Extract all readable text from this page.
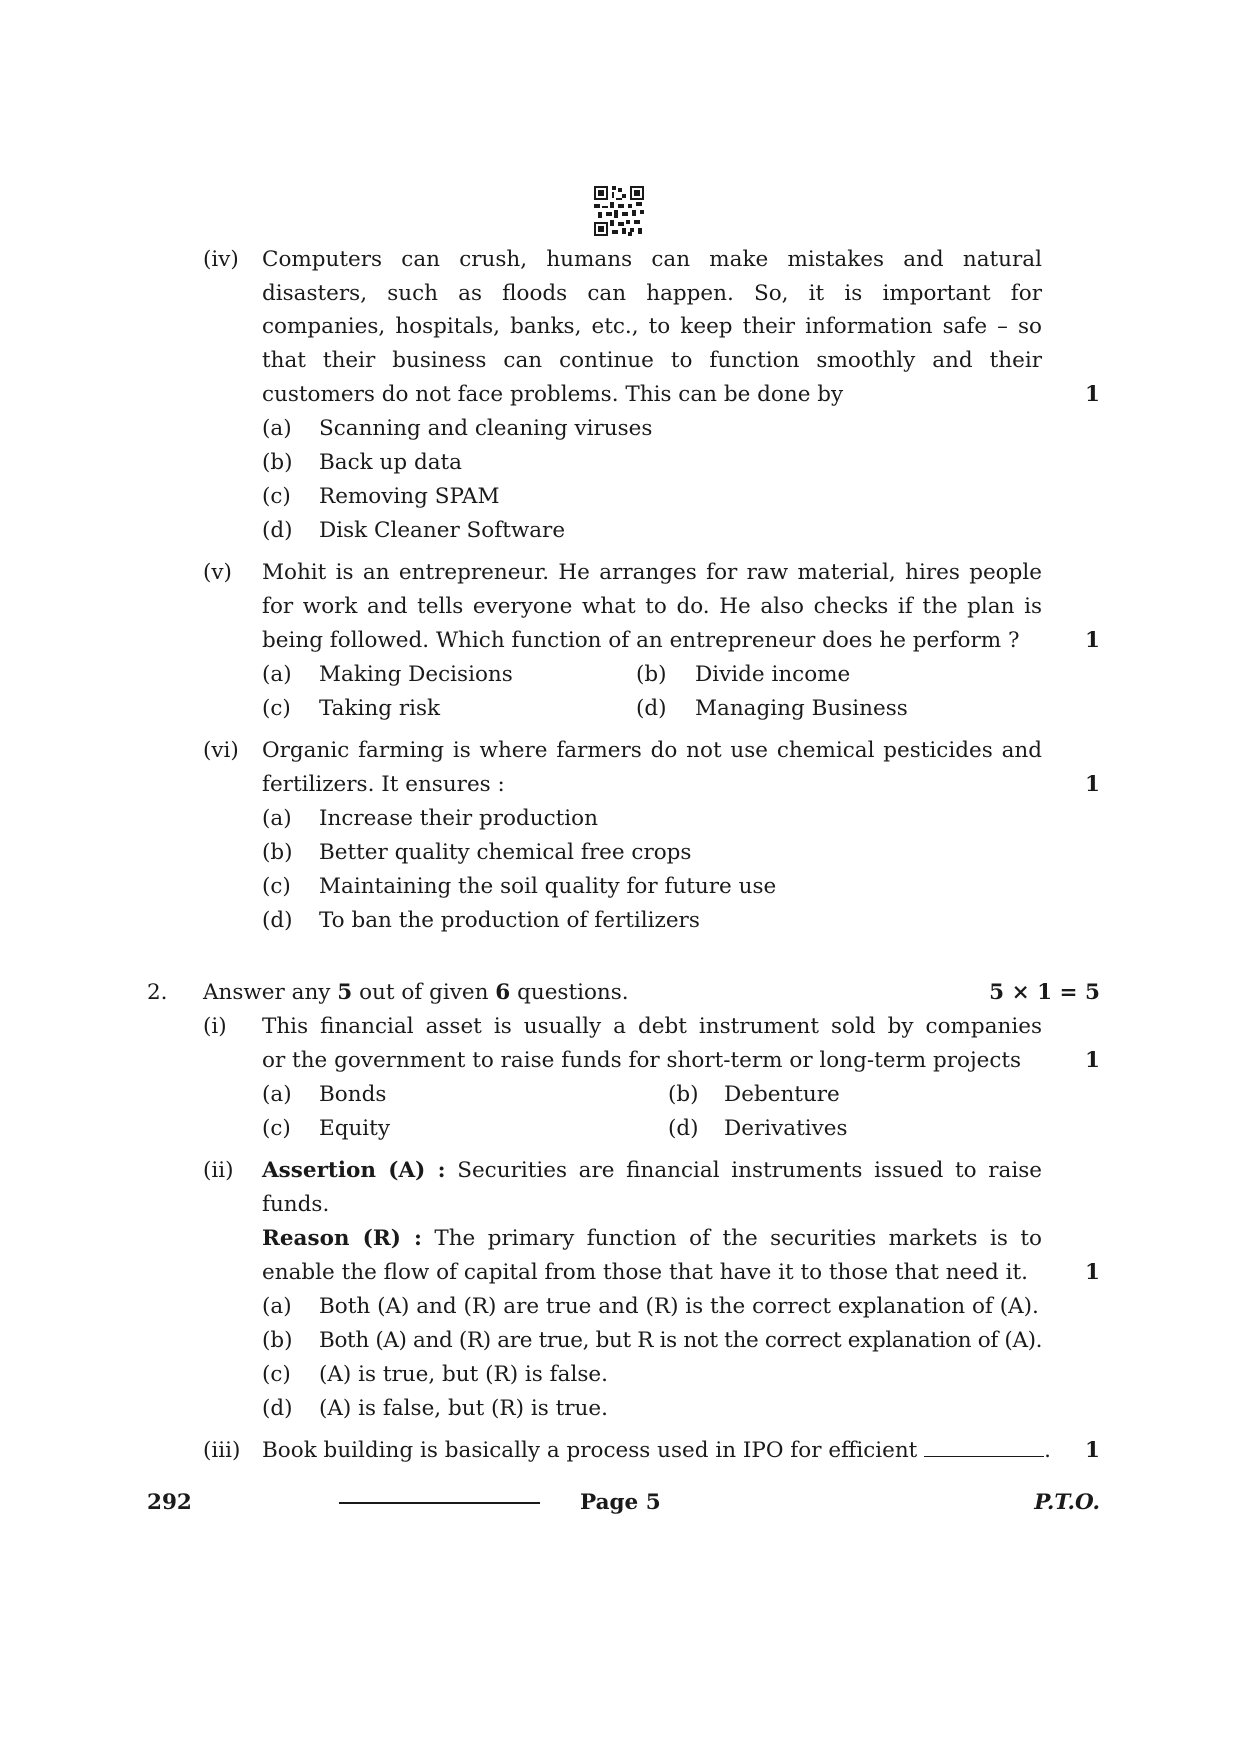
(iv) Computers can crush, humans can make mistakes and natural
disasters, such as floods can happen. So, it is important for
companies, hospitals, banks, etc., to keep their information safe – so
that their business can continue to function smoothly and their
customers do not face problems. This can be done by	1
(a) Scanning and cleaning viruses
(b) Back up data
(c) Removing SPAM
(d) Disk Cleaner Software
(v) Mohit is an entrepreneur. He arranges for raw material, hires people
for work and tells everyone what to do. He also checks if the plan is
being followed. Which function of an entrepreneur does he perform ?	1
(a) Making Decisions	(b) Divide income
(c) Taking risk	(d) Managing Business
(vi) Organic farming is where farmers do not use chemical pesticides and
fertilizers. It ensures :	1
(a) Increase their production
(b) Better quality chemical free crops
(c) Maintaining the soil quality for future use
(d) To ban the production of fertilizers
2. Answer any 5 out of given 6 questions.	5 × 1 = 5
(i) This financial asset is usually a debt instrument sold by companies
or the government to raise funds for short-term or long-term projects	1
(a) Bonds	(b) Debenture
(c) Equity	(d) Derivatives
(ii) Assertion (A) : Securities are financial instruments issued to raise
funds.
Reason (R) : The primary function of the securities markets is to
enable the flow of capital from those that have it to those that need it.	1
(a) Both (A) and (R) are true and (R) is the correct explanation of (A).
(b) Both (A) and (R) are true, but R is not the correct explanation of (A).
(c) (A) is true, but (R) is false.
(d) (A) is false, but (R) is true.
(iii) Book building is basically a process used in IPO for efficient	. 1
292	Page 5	P.T.O.
